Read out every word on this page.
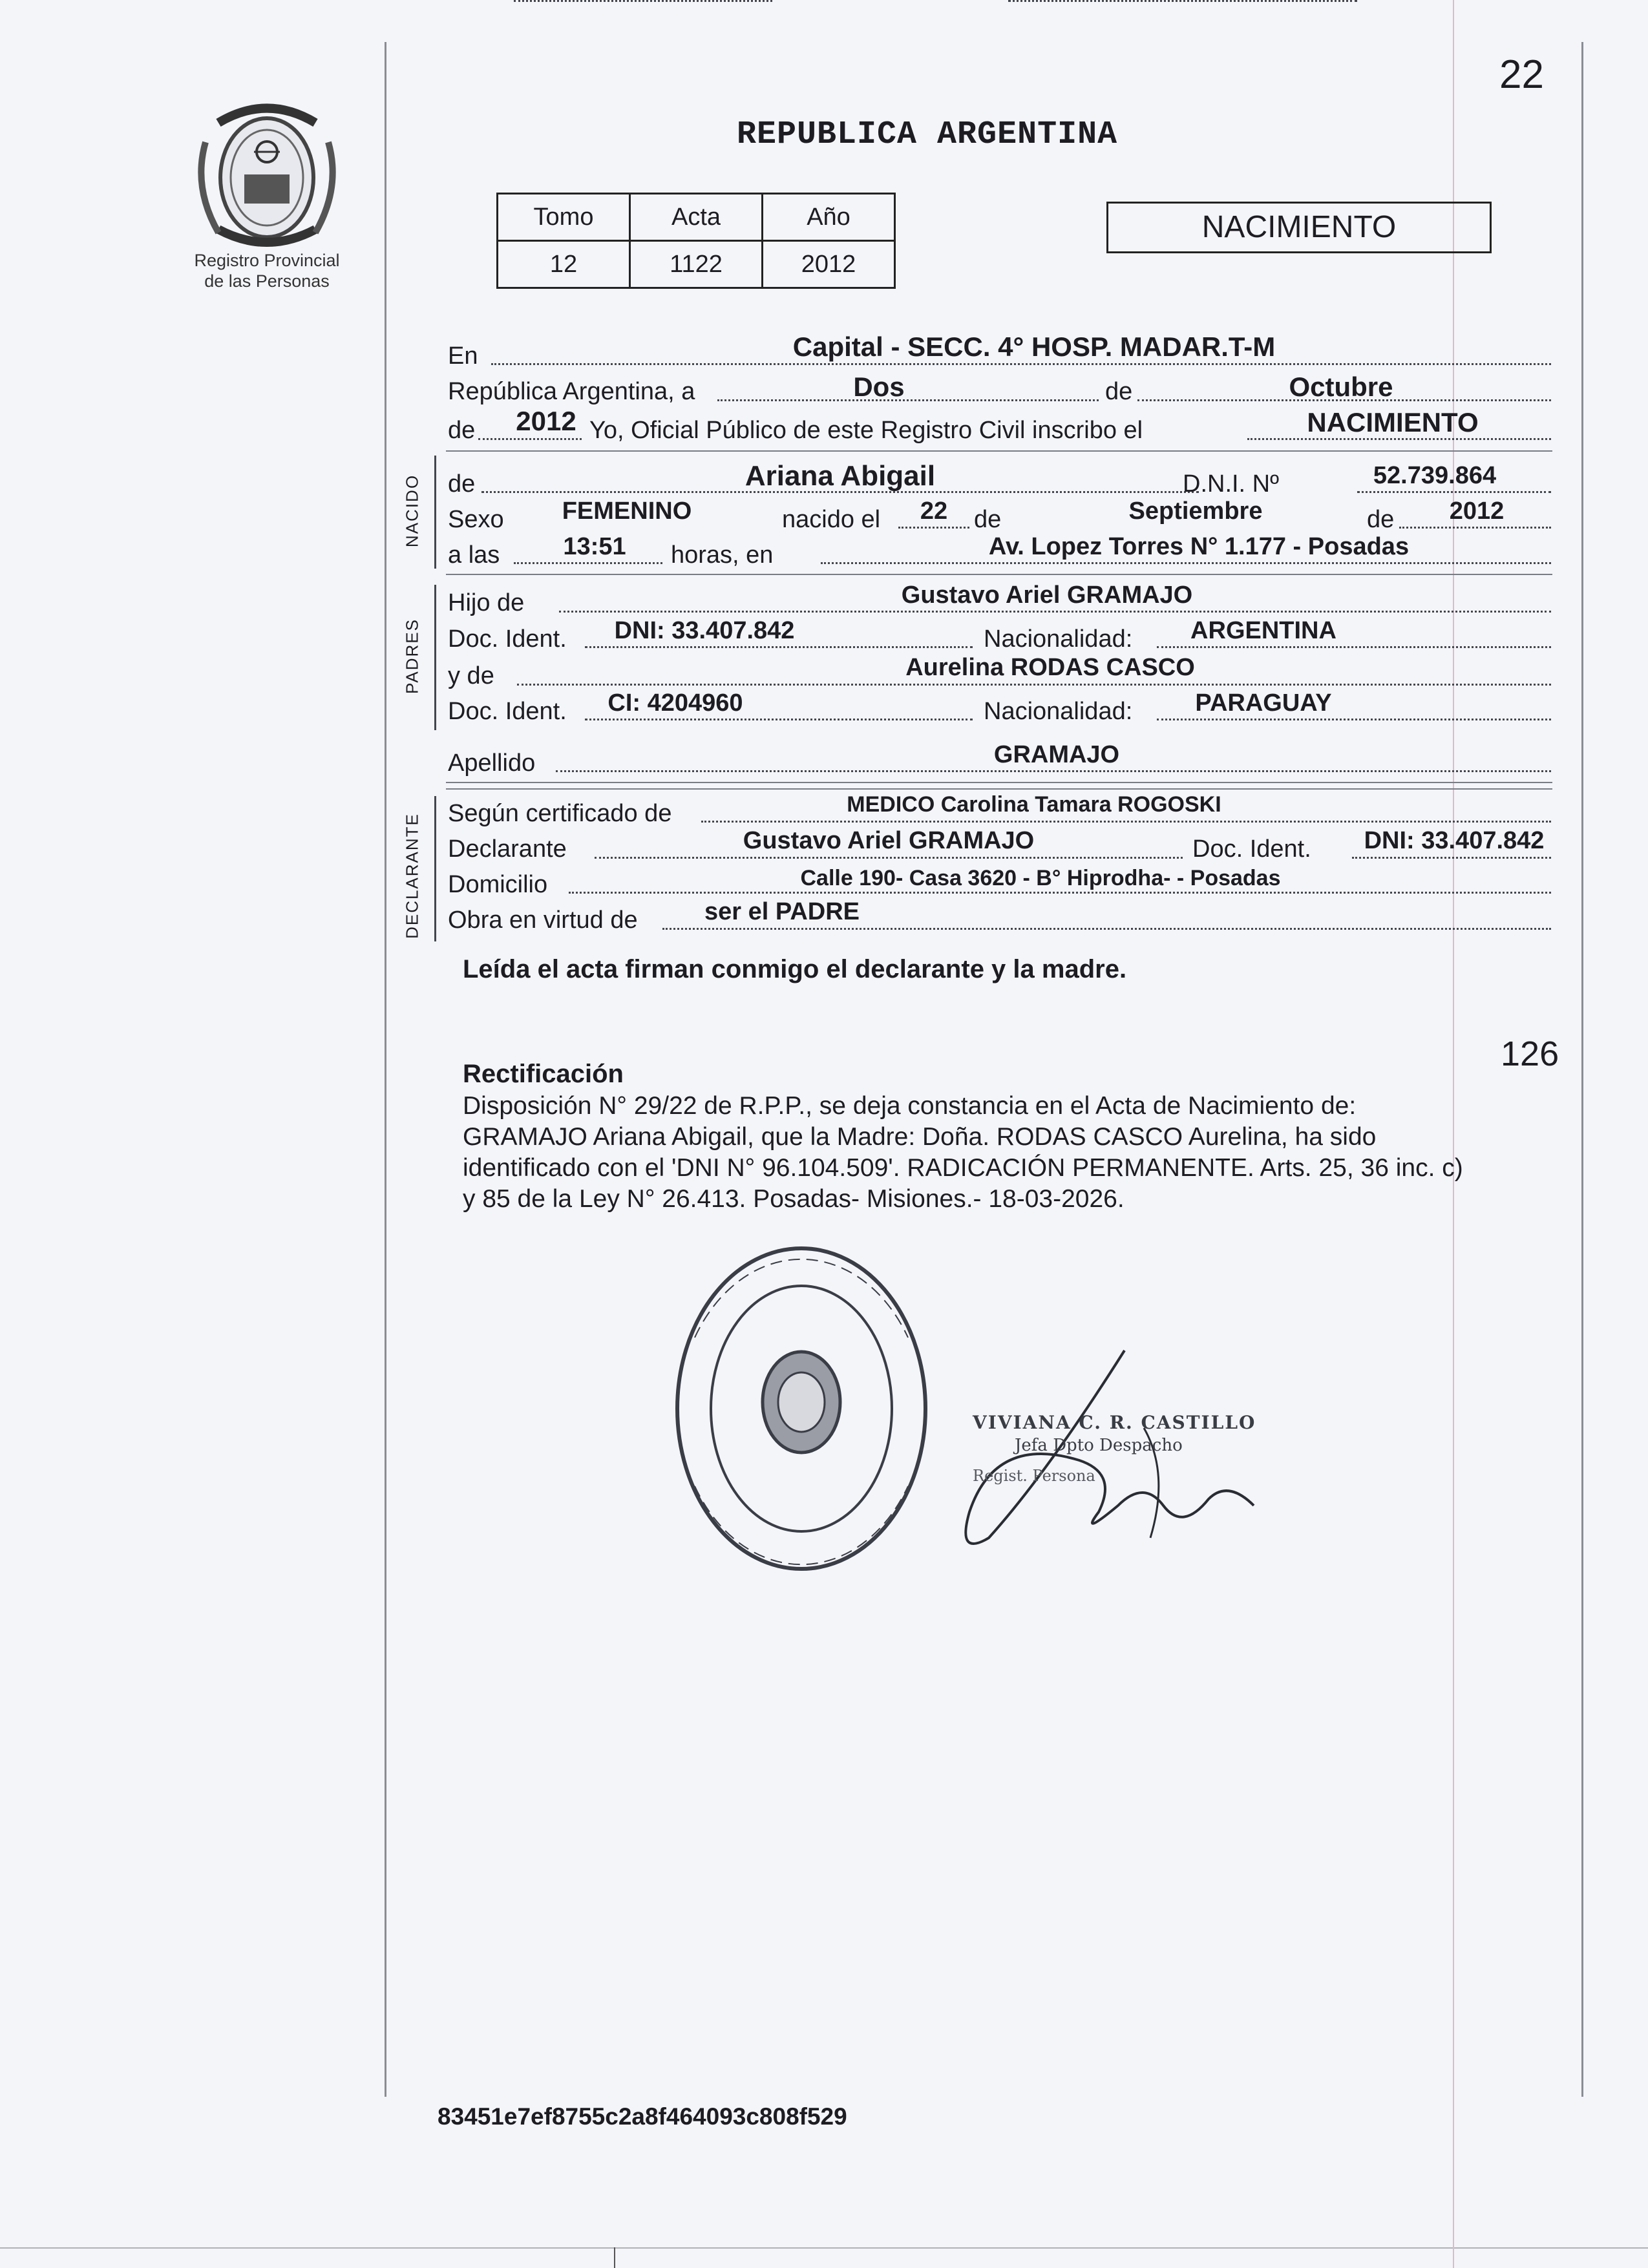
22
Registro Provincial
de las Personas
REPUBLICA ARGENTINA
Tomo	Acta	Año
12	1122	2012
NACIMIENTO
En	Capital - SECC. 4° HOSP. MADAR.T-M
República Argentina, a	Dos	de	Octubre
de 2012 Yo, Oficial Público de este Registro Civil inscribo el	NACIMIENTO
NACIDO de	Ariana Abigail	D.N.I. Nº	52.739.864
Sexo FEMENINO	nacido el 22 de	Septiembre	de 2012
a las	13:51 horas, en	Av. Lopez Torres N° 1.177 - Posadas
PADRES
Hijo de	Gustavo Ariel GRAMAJO
Doc. Ident. DNI: 33.407.842	Nacionalidad: ARGENTINA
y de	Aurelina RODAS CASCO
Doc. Ident. CI: 4204960	Nacionalidad:	PARAGUAY
Apellido	GRAMAJO
DECLARANTE Según certificado de	MEDICO Carolina Tamara ROGOSKI
Declarante	Gustavo Ariel GRAMAJO	Doc. Ident. DNI: 33.407.842
Domicilio	Calle 190- Casa 3620 - B° Hiprodha- - Posadas
Obra en virtud de	ser el PADRE
Leída el acta firman conmigo el declarante y la madre.
126
Rectificación
Disposición N° 29/22 de R.P.P., se deja constancia en el Acta de Nacimiento de:
GRAMAJO Ariana Abigail, que la Madre: Doña. RODAS CASCO Aurelina, ha sido
identificado con el 'DNI N° 96.104.509'. RADICACIÓN PERMANENTE. Arts. 25, 36 inc. c)
y 85 de la Ley N° 26.413. Posadas- Misiones.- 18-03-2026.
VIVIANA C. R. CASTILLO
Jefa Dpto Despacho
Regist. Persona
83451e7ef8755c2a8f464093c808f529
